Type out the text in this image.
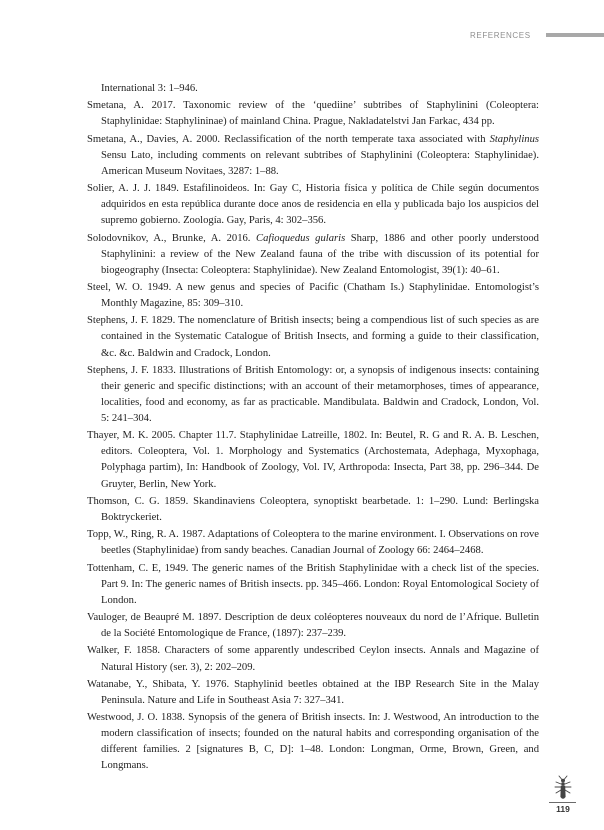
REFERENCES

International 3: 1–946.

Smetana, A. 2017. Taxonomic review of the ‘quediine’ subtribes of Staphylinini (Coleoptera: Staphylinidae: Staphylininae) of mainland China. Prague, Nakladatelstvi Jan Farkac, 434 pp.

Smetana, A., Davies, A. 2000. Reclassification of the north temperate taxa associated with Staphylinus Sensu Lato, including comments on relevant subtribes of Staphylinini (Coleoptera: Staphylinidae). American Museum Novitaes, 3287: 1–88.

Solier, A. J. J. 1849. Estafilinoideos. In: Gay C, Historia física y política de Chile según documentos adquiridos en esta república durante doce anos de residencia en ella y publicada bajo los auspicios del supremo gobierno. Zoología. Gay, Paris, 4: 302–356.

Solodovnikov, A., Brunke, A. 2016. Cafioquedus gularis Sharp, 1886 and other poorly understood Staphylinini: a review of the New Zealand fauna of the tribe with discussion of its potential for biogeography (Insecta: Coleoptera: Staphylinidae). New Zealand Entomologist, 39(1): 40–61.

Steel, W. O. 1949. A new genus and species of Pacific (Chatham Is.) Staphylinidae. Entomologist’s Monthly Magazine, 85: 309–310.

Stephens, J. F. 1829. The nomenclature of British insects; being a compendious list of such species as are contained in the Systematic Catalogue of British Insects, and forming a guide to their classification, &c. &c. Baldwin and Cradock, London.

Stephens, J. F. 1833. Illustrations of British Entomology: or, a synopsis of indigenous insects: containing their generic and specific distinctions; with an account of their metamorphoses, times of appearance, localities, food and economy, as far as practicable. Mandibulata. Baldwin and Cradock, London, Vol. 5: 241–304.

Thayer, M. K. 2005. Chapter 11.7. Staphylinidae Latreille, 1802. In: Beutel, R. G and R. A. B. Leschen, editors. Coleoptera, Vol. 1. Morphology and Systematics (Archostemata, Adephaga, Myxophaga, Polyphaga partim), In: Handbook of Zoology, Vol. IV, Arthropoda: Insecta, Part 38, pp. 296–344. De Gruyter, Berlin, New York.

Thomson, C. G. 1859. Skandinaviens Coleoptera, synoptiskt bearbetade. 1: 1–290. Lund: Berlingska Boktryckeriet.

Topp, W., Ring, R. A. 1987. Adaptations of Coleoptera to the marine environment. I. Observations on rove beetles (Staphylinidae) from sandy beaches. Canadian Journal of Zoology 66: 2464–2468.

Tottenham, C. E, 1949. The generic names of the British Staphylinidae with a check list of the species. Part 9. In: The generic names of British insects. pp. 345–466. London: Royal Entomological Society of London.

Vauloger, de Beaupré M. 1897. Description de deux coléopteres nouveaux du nord de l’Afrique. Bulletin de la Société Entomologique de France, (1897): 237–239.

Walker, F. 1858. Characters of some apparently undescribed Ceylon insects. Annals and Magazine of Natural History (ser. 3), 2: 202–209.

Watanabe, Y., Shibata, Y. 1976. Staphylinid beetles obtained at the IBP Research Site in the Malay Peninsula. Nature and Life in Southeast Asia 7: 327–341.

Westwood, J. O. 1838. Synopsis of the genera of British insects. In: J. Westwood, An introduction to the modern classification of insects; founded on the natural habits and corresponding organisation of the different families. 2 [signatures B, C, D]: 1–48. London: Longman, Orme, Brown, Green, and Longmans.

119
